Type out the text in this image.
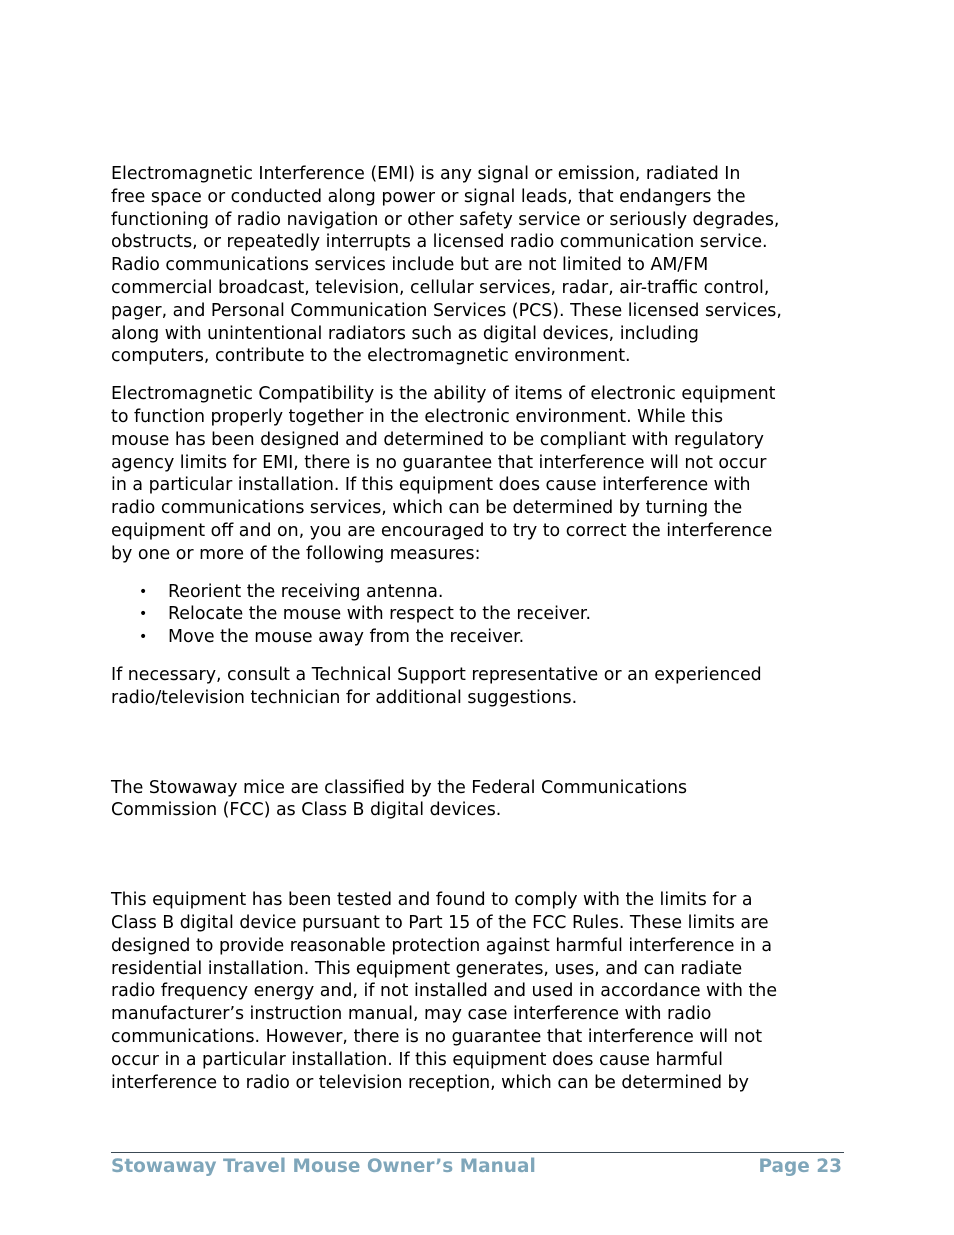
Electromagnetic Interference (EMI) is any signal or emission, radiated In
free space or conducted along power or signal leads, that endangers the
functioning of radio navigation or other safety service or seriously degrades,
obstructs, or repeatedly interrupts a licensed radio communication service.
Radio communications services include but are not limited to AM/FM
commercial broadcast, television, cellular services, radar, air-traffic control,
pager, and Personal Communication Services (PCS). These licensed services,
along with unintentional radiators such as digital devices, including
computers, contribute to the electromagnetic environment.

Electromagnetic Compatibility is the ability of items of electronic equipment
to function properly together in the electronic environment. While this
mouse has been designed and determined to be compliant with regulatory
agency limits for EMI, there is no guarantee that interference will not occur
in a particular installation. If this equipment does cause interference with
radio communications services, which can be determined by turning the
equipment off and on, you are encouraged to try to correct the interference
by one or more of the following measures:

• Reorient the receiving antenna.
• Relocate the mouse with respect to the receiver.
• Move the mouse away from the receiver.

If necessary, consult a Technical Support representative or an experienced
radio/television technician for additional suggestions.

The Stowaway mice are classified by the Federal Communications
Commission (FCC) as Class B digital devices.

This equipment has been tested and found to comply with the limits for a
Class B digital device pursuant to Part 15 of the FCC Rules. These limits are
designed to provide reasonable protection against harmful interference in a
residential installation. This equipment generates, uses, and can radiate
radio frequency energy and, if not installed and used in accordance with the
manufacturer’s instruction manual, may case interference with radio
communications. However, there is no guarantee that interference will not
occur in a particular installation. If this equipment does cause harmful
interference to radio or television reception, which can be determined by

Stowaway Travel Mouse Owner’s Manual	Page 23
